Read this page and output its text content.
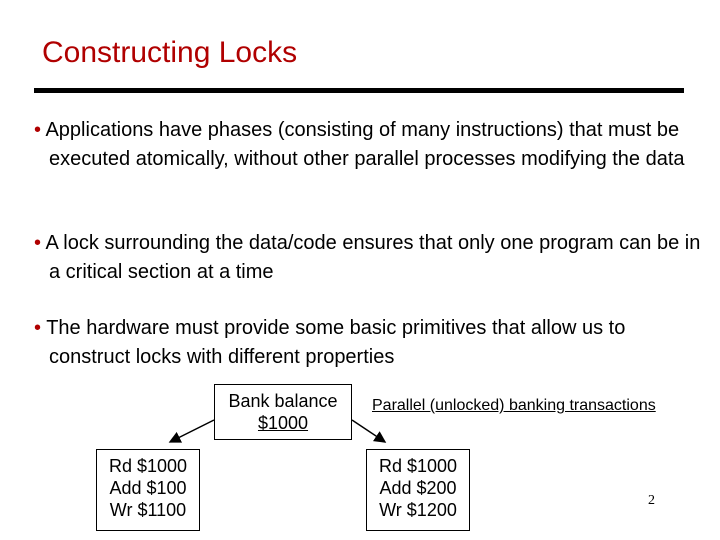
Constructing Locks
• Applications have phases (consisting of many instructions) that must be executed atomically, without other parallel processes modifying the data
• A lock surrounding the data/code ensures that only one program can be in a critical section at a time
• The hardware must provide some basic primitives that allow us to construct locks with different properties
Bank balance
$1000
Parallel (unlocked) banking transactions
Rd $1000
Add $100
Wr $1100
Rd $1000
Add $200
Wr $1200	2
